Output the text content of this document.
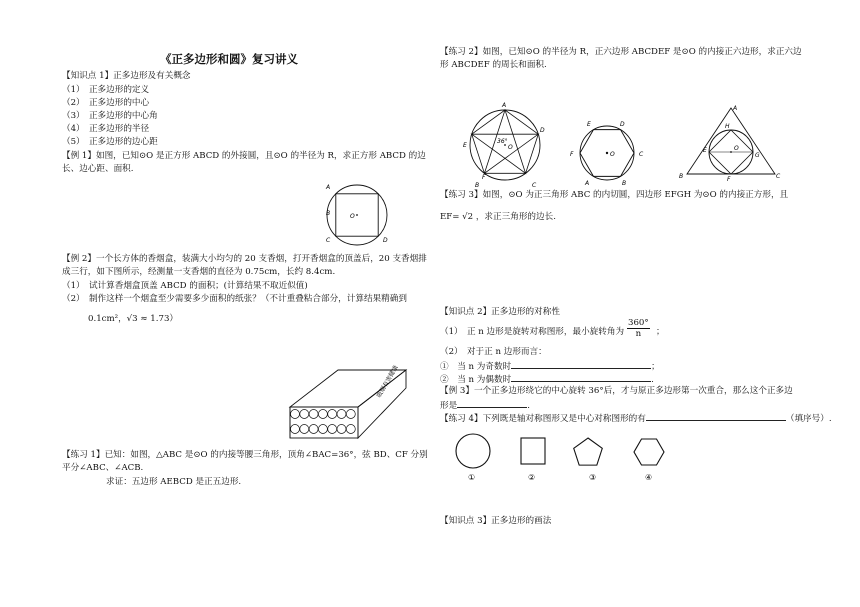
《正多边形和圆》复习讲义
【知识点 1】正多边形及有关概念
（1）　正多边形的定义
（2）　正多边形的中心
（3）　正多边形的中心角
（4）　正多边形的半径
（5）　正多边形的边心距
【例 1】如图，已知⊙O 是正方形 ABCD 的外接圆，且⊙O 的半径为 R，求正方形 ABCD 的边
长、边心距、面积.
A
B
C	D
O
【例 2】一个长方体的香烟盒，装满大小均匀的 20 支香烟，打开香烟盒的顶盖后，20 支香烟排
成三行，如下图所示，经测量一支香烟的直径为 0.75cm，长约 8.4cm.
（1）　试计算香烟盒顶盖 ABCD 的面积；(计算结果不取近似值)
（2）　制作这样一个烟盒至少需要多少面积的纸张？（不计重叠粘合部分，计算结果精确到
0.1cm²，√3 ≈ 1.73）
吸烟有害健康
【练习 1】已知：如图，△ABC 是⊙O 的内接等腰三角形，顶角∠BAC=36°，弦 BD、CF 分别
平分∠ABC、∠ACB.
求证：五边形 AEBCD 是正五边形.
【练习 2】如图，已知⊙O 的半径为 R，正六边形 ABCDEF 是⊙O 的内接正六边形，求正六边
形 ABCDEF 的周长和面积.
A
B	C
D
E
F
O
36°
E	D
F	C
A	B
O
A
B	C
E
F
G
H
O
【练习 3】如图，⊙O 为正三角形 ABC 的内切圆，四边形 EFGH 为⊙O 的内接正方形，且
EF= √2 ，求正三角形的边长.
【知识点 2】正多边形的对称性
（1）　正 n 边形是旋转对称图形，最小旋转角为 $\frac{360^\circ}{n}$ ；
（2）　对于正 n 边形而言：
①　当 n 为奇数时	；
②　当 n 为偶数时	.
【例 3】一个正多边形绕它的中心旋转 36°后，才与原正多边形第一次重合，那么这个正多边
形是	.
【练习 4】下列既是轴对称图形又是中心对称图形的有	（填序号）.
①	②	③	④
【知识点 3】正多边形的画法
